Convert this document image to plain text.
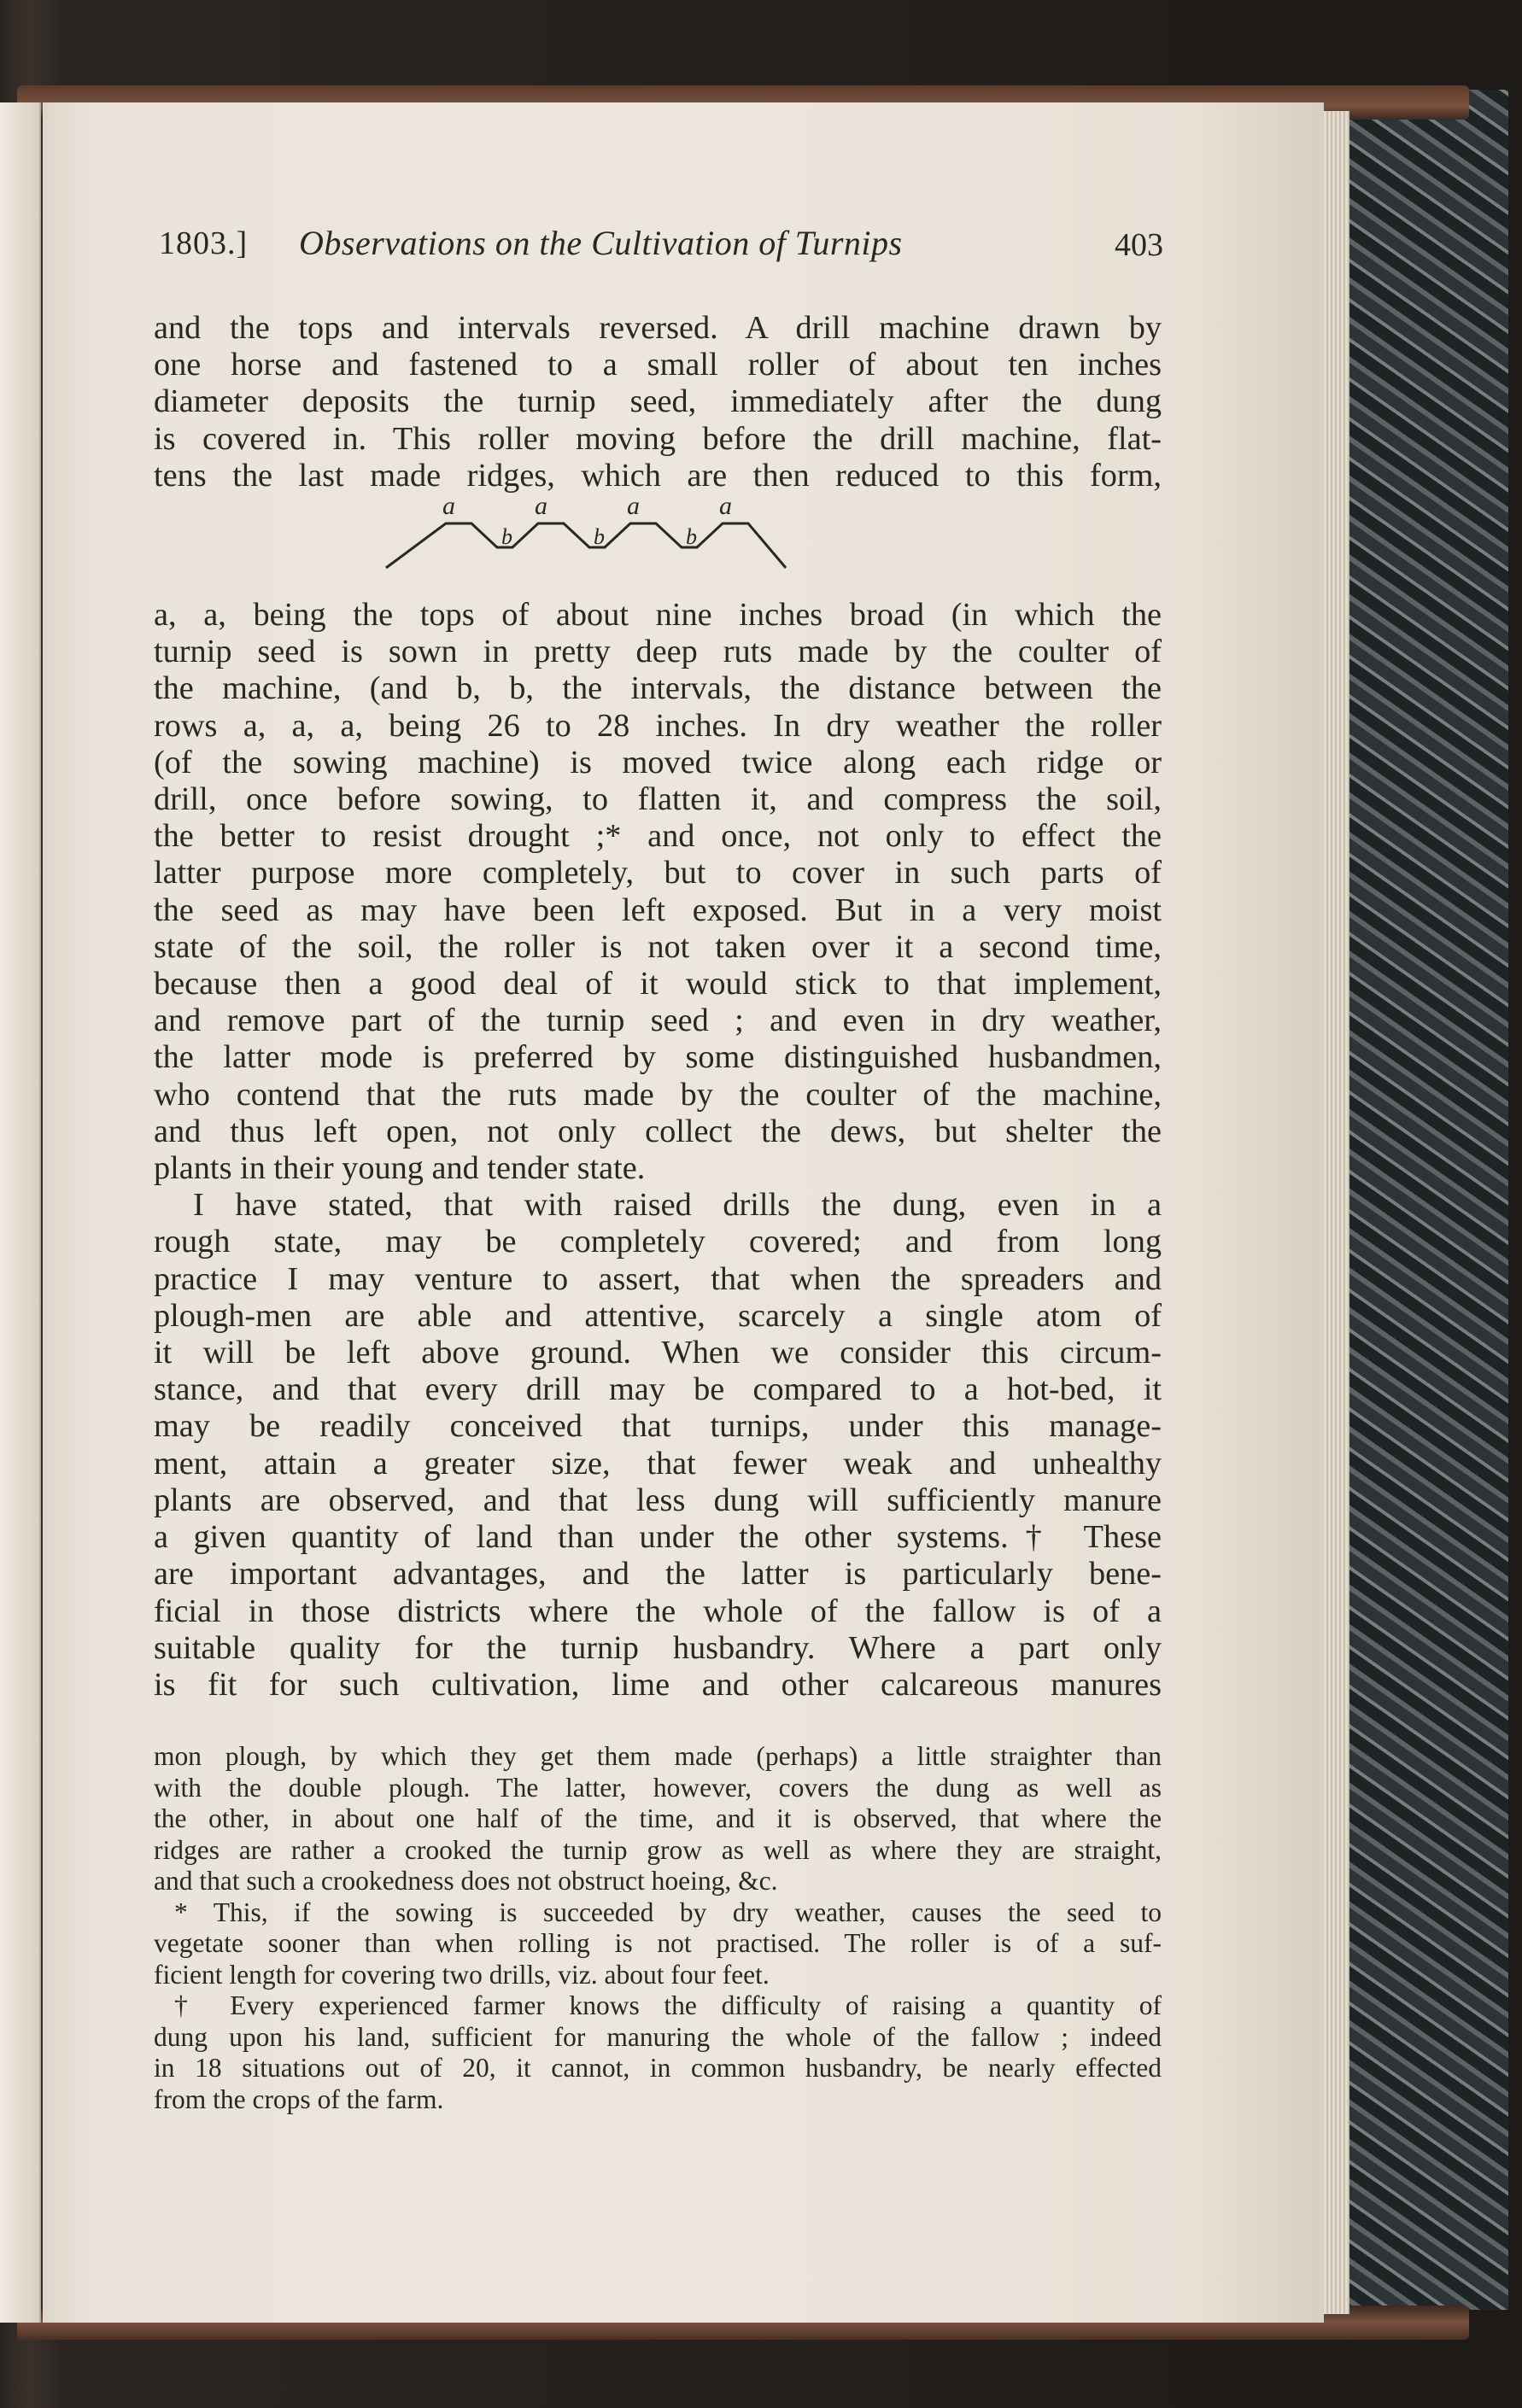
1803.] Observations on the Cultivation of Turnips	403
and the tops and intervals reversed. A drill machine drawn by
one horse and fastened to a small roller of about ten inches
diameter deposits the turnip seed, immediately after the dung
is covered in. This roller moving before the drill machine, flat-
tens the last made ridges, which are then reduced to this form,
a	a	a	a
b	b	b
a, a, being the tops of about nine inches broad (in which the
turnip seed is sown in pretty deep ruts made by the coulter of
the machine, (and b, b, the intervals, the distance between the
rows a, a, a, being 26 to 28 inches. In dry weather the roller
(of the sowing machine) is moved twice along each ridge or
drill, once before sowing, to flatten it, and compress the soil,
the better to resist drought ;* and once, not only to effect the
latter purpose more completely, but to cover in such parts of
the seed as may have been left exposed. But in a very moist
state of the soil, the roller is not taken over it a second time,
because then a good deal of it would stick to that implement,
and remove part of the turnip seed ; and even in dry weather,
the latter mode is preferred by some distinguished husbandmen,
who contend that the ruts made by the coulter of the machine,
and thus left open, not only collect the dews, but shelter the
plants in their young and tender state.
I have stated, that with raised drills the dung, even in a
rough state, may be completely covered; and from long
practice I may venture to assert, that when the spreaders and
plough-men are able and attentive, scarcely a single atom of
it will be left above ground. When we consider this circum-
stance, and that every drill may be compared to a hot-bed, it
may be readily conceived that turnips, under this manage-
ment, attain a greater size, that fewer weak and unhealthy
plants are observed, and that less dung will sufficiently manure
a given quantity of land than under the other systems.† These
are important advantages, and the latter is particularly bene-
ficial in those districts where the whole of the fallow is of a
suitable quality for the turnip husbandry. Where a part only
is fit for such cultivation, lime and other calcareous manures

mon plough, by which they get them made (perhaps) a little straighter than

with the double plough. The latter, however, covers the dung as well as

the other, in about one half of the time, and it is observed, that where the

ridges are rather a crooked the turnip grow as well as where they are straight,

and that such a crookedness does not obstruct hoeing, &c.

* This, if the sowing is succeeded by dry weather, causes the seed to

vegetate sooner than when rolling is not practised. The roller is of a suf-

ficient length for covering two drills, viz. about four feet.

† Every experienced farmer knows the difficulty of raising a quantity of

dung upon his land, sufficient for manuring the whole of the fallow ; indeed

in 18 situations out of 20, it cannot, in common husbandry, be nearly effected

from the crops of the farm.
